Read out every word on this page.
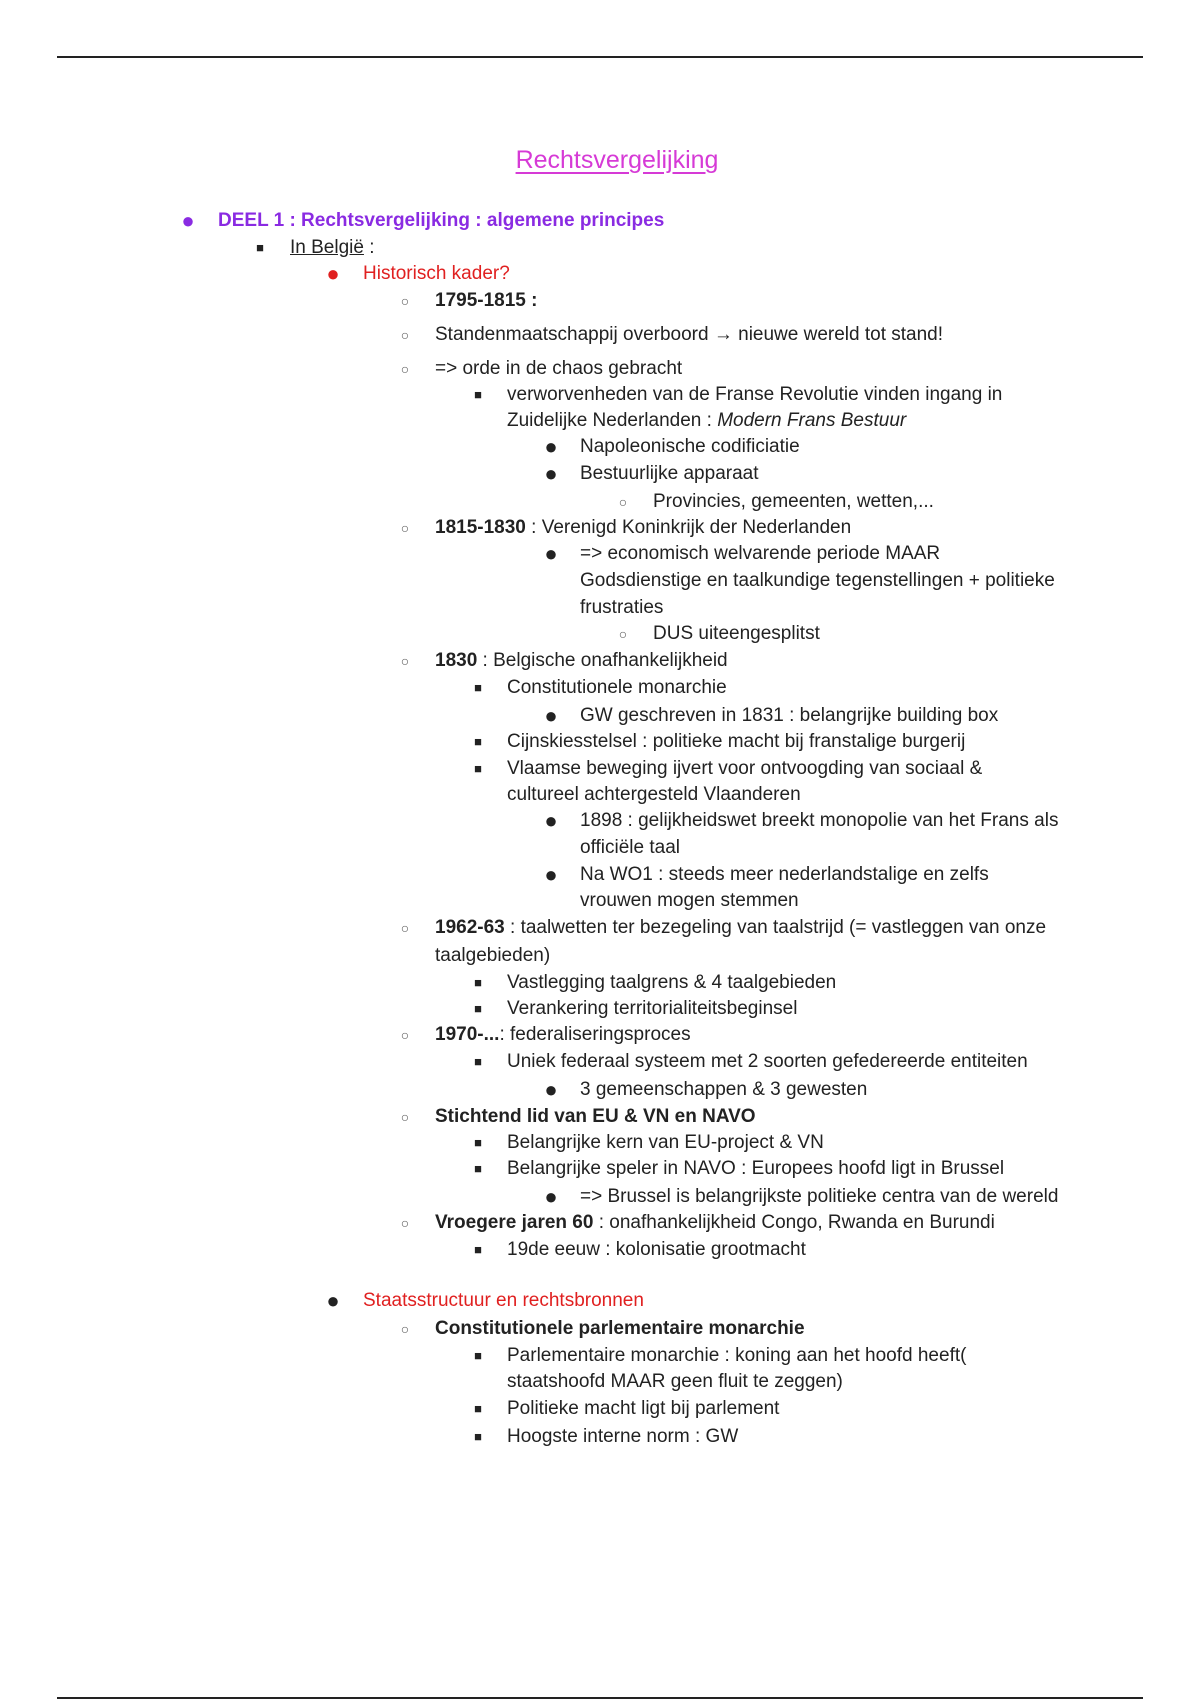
Rechtsvergelijking
● DEEL 1 : Rechtsvergelijking : algemene principes
■	In België :
● Historisch kader?
○	1795-1815 :
○	Standenmaatschappij overboord → nieuwe wereld tot stand!
○	=> orde in de chaos gebracht
■	verworvenheden van de Franse Revolutie vinden ingang in
Zuidelijke Nederlanden : Modern Frans Bestuur
● Napoleonische codificiatie
● Bestuurlijke apparaat
○	Provincies, gemeenten, wetten,...
○	1815-1830 : Verenigd Koninkrijk der Nederlanden
● => economisch welvarende periode MAAR
Godsdienstige en taalkundige tegenstellingen + politieke
frustraties
○	DUS uiteengesplitst
○	1830 : Belgische onafhankelijkheid
■	Constitutionele monarchie
● GW geschreven in 1831 : belangrijke building box
■	Cijnskiesstelsel : politieke macht bij franstalige burgerij
■	Vlaamse beweging ijvert voor ontvoogding van sociaal &
cultureel achtergesteld Vlaanderen
● 1898 : gelijkheidswet breekt monopolie van het Frans als
officiële taal
● Na WO1 : steeds meer nederlandstalige en zelfs
vrouwen mogen stemmen
○	1962-63 : taalwetten ter bezegeling van taalstrijd (= vastleggen van onze
taalgebieden)
■	Vastlegging taalgrens & 4 taalgebieden
■	Verankering territorialiteitsbeginsel
○	1970-...: federaliseringsproces
■	Uniek federaal systeem met 2 soorten gefedereerde entiteiten
● 3 gemeenschappen & 3 gewesten
○	Stichtend lid van EU & VN en NAVO
■	Belangrijke kern van EU-project & VN
■	Belangrijke speler in NAVO : Europees hoofd ligt in Brussel
● => Brussel is belangrijkste politieke centra van de wereld
○	Vroegere jaren 60 : onafhankelijkheid Congo, Rwanda en Burundi
■	19de eeuw : kolonisatie grootmacht
● Staatsstructuur en rechtsbronnen
○	Constitutionele parlementaire monarchie
■	Parlementaire monarchie : koning aan het hoofd heeft(
staatshoofd MAAR geen fluit te zeggen)
■	Politieke macht ligt bij parlement
■	Hoogste interne norm : GW
